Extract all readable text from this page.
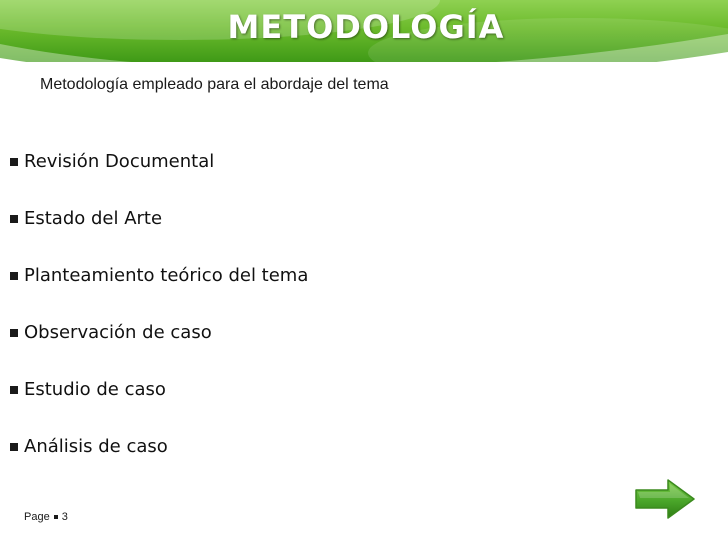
METODOLOGÍA
Metodología empleado para el abordaje del tema
Revisión Documental
Estado del Arte
Planteamiento teórico del tema
Observación de caso
Estudio de caso
Análisis de caso
Page 3
